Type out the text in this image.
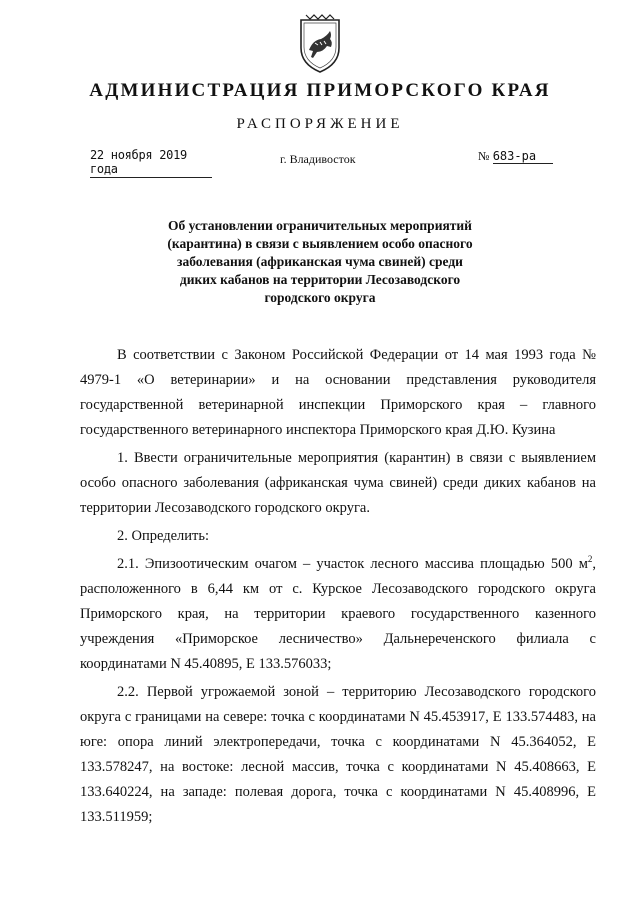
АДМИНИСТРАЦИЯ ПРИМОРСКОГО КРАЯ
РАСПОРЯЖЕНИЕ
22 ноября 2019 года
г. Владивосток	№ 683-ра
Об установлении ограничительных мероприятий
(карантина) в связи с выявлением особо опасного
заболевания (африканская чума свиней) среди
диких кабанов на территории Лесозаводского
городского округа

В соответствии с Законом Российской Федерации от 14 мая 1993 года № 4979-1 «О ветеринарии» и на основании представления руководителя государственной ветеринарной инспекции Приморского края – главного государственного ветеринарного инспектора Приморского края Д.Ю. Кузина

1. Ввести ограничительные мероприятия (карантин) в связи с выявлением особо опасного заболевания (африканская чума свиней) среди диких кабанов на территории Лесозаводского городского округа.

2. Определить:

2.1. Эпизоотическим очагом – участок лесного массива площадью 500 $м^2$, расположенного в 6,44 км от с. Курское Лесозаводского городского округа Приморского края, на территории краевого государственного казенного учреждения «Приморское лесничество» Дальнереченского филиала с координатами N 45.40895, E 133.576033;

2.2. Первой угрожаемой зоной – территорию Лесозаводского городского округа с границами на севере: точка с координатами N 45.453917, E 133.574483, на юге: опора линий электропередачи, точка с координатами N 45.364052, E 133.578247, на востоке: лесной массив, точка с координатами N 45.408663, E 133.640224, на западе: полевая дорога, точка с координатами N 45.408996, E 133.511959;
